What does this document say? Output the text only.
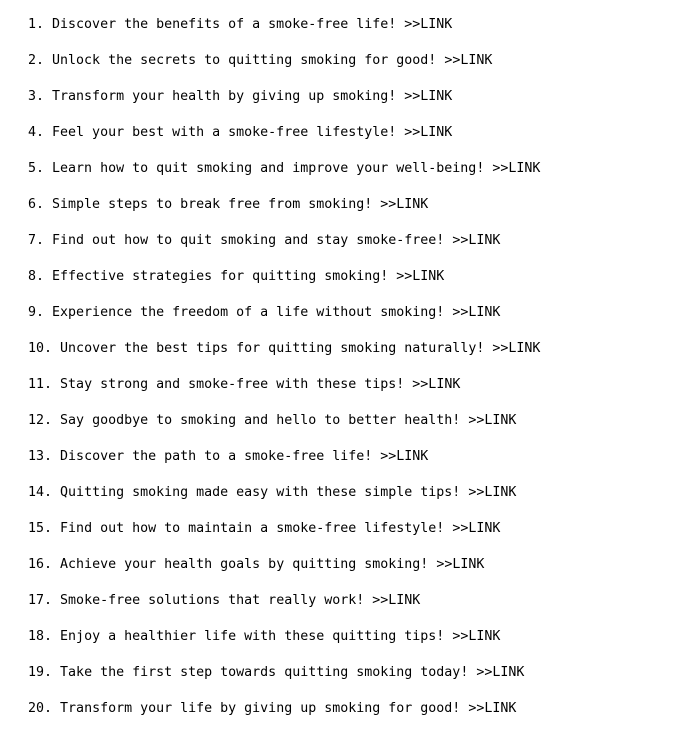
1. Discover the benefits of a smoke-free life! >>LINK
2. Unlock the secrets to quitting smoking for good! >>LINK
3. Transform your health by giving up smoking! >>LINK
4. Feel your best with a smoke-free lifestyle! >>LINK
5. Learn how to quit smoking and improve your well-being! >>LINK
6. Simple steps to break free from smoking! >>LINK
7. Find out how to quit smoking and stay smoke-free! >>LINK
8. Effective strategies for quitting smoking! >>LINK
9. Experience the freedom of a life without smoking! >>LINK
10. Uncover the best tips for quitting smoking naturally! >>LINK
11. Stay strong and smoke-free with these tips! >>LINK
12. Say goodbye to smoking and hello to better health! >>LINK
13. Discover the path to a smoke-free life! >>LINK
14. Quitting smoking made easy with these simple tips! >>LINK
15. Find out how to maintain a smoke-free lifestyle! >>LINK
16. Achieve your health goals by quitting smoking! >>LINK
17. Smoke-free solutions that really work! >>LINK
18. Enjoy a healthier life with these quitting tips! >>LINK
19. Take the first step towards quitting smoking today! >>LINK
20. Transform your life by giving up smoking for good! >>LINK
